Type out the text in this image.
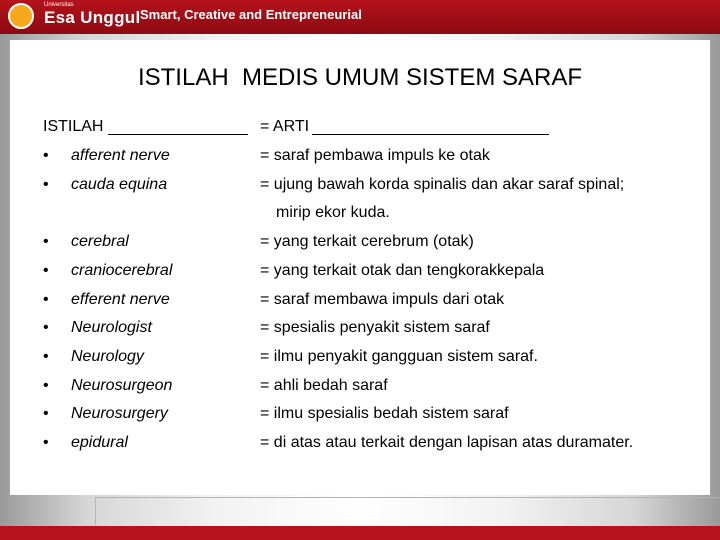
Universitas
Esa Unggul Smart, Creative and Entrepreneurial
ISTILAH  MEDIS UMUM SISTEM SARAF
ISTILAH	= ARTI
• afferent nerve
• cauda equina
• cerebral
• craniocerebral
• efferent nerve
• Neurologist
• Neurology
• Neurosurgeon
• Neurosurgery
• epidural
= saraf pembawa impuls ke otak
= ujung bawah korda spinalis dan akar saraf spinal;
mirip ekor kuda.
= yang terkait cerebrum (otak)
= yang terkait otak dan tengkorakkepala
= saraf membawa impuls dari otak
= spesialis penyakit sistem saraf
= ilmu penyakit gangguan sistem saraf.
= ahli bedah saraf
= ilmu spesialis bedah sistem saraf
= di atas atau terkait dengan lapisan atas duramater.
